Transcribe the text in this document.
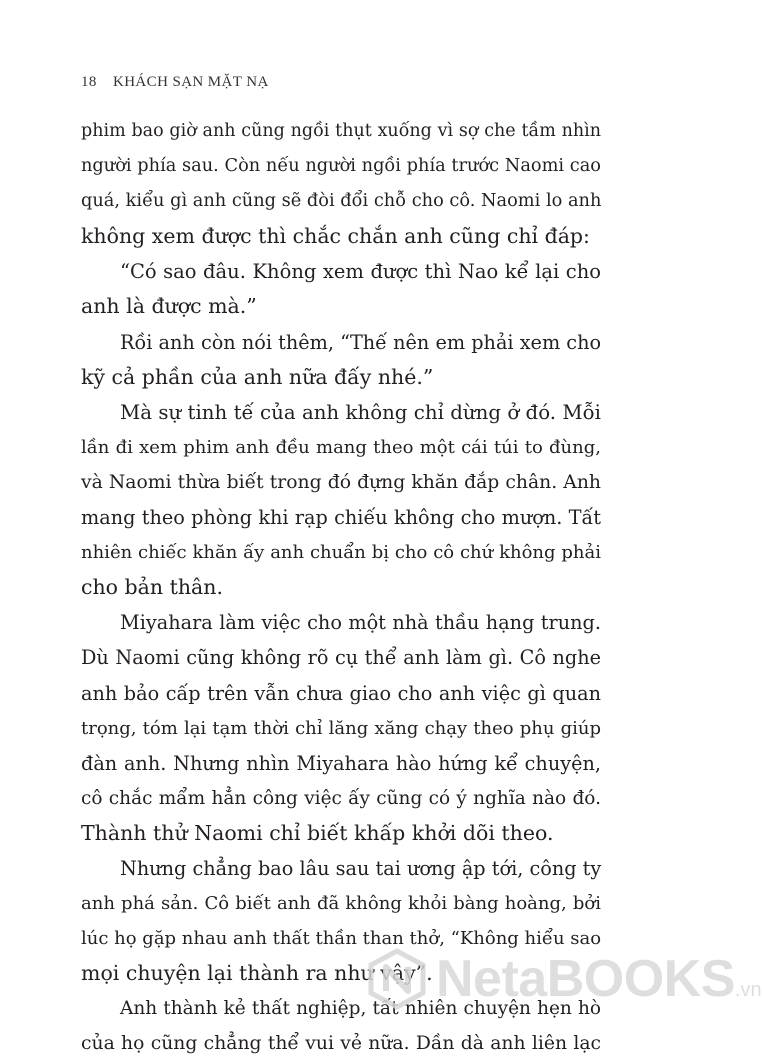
18 KHÁCH SẠN MẶT NẠ
phim bao giờ anh cũng ngồi thụt xuống vì sợ che tầm nhìn
người phía sau. Còn nếu người ngồi phía trước Naomi cao
quá, kiểu gì anh cũng sẽ đòi đổi chỗ cho cô. Naomi lo anh
không xem được thì chắc chắn anh cũng chỉ đáp:
“Có sao đâu. Không xem được thì Nao kể lại cho
anh là được mà.”
Rồi anh còn nói thêm, “Thế nên em phải xem cho
kỹ cả phần của anh nữa đấy nhé.”
Mà sự tinh tế của anh không chỉ dừng ở đó. Mỗi
lần đi xem phim anh đều mang theo một cái túi to đùng,
và Naomi thừa biết trong đó đựng khăn đắp chân. Anh
mang theo phòng khi rạp chiếu không cho mượn. Tất
nhiên chiếc khăn ấy anh chuẩn bị cho cô chứ không phải
cho bản thân.
Miyahara làm việc cho một nhà thầu hạng trung.
Dù Naomi cũng không rõ cụ thể anh làm gì. Cô nghe
anh bảo cấp trên vẫn chưa giao cho anh việc gì quan
trọng, tóm lại tạm thời chỉ lăng xăng chạy theo phụ giúp
đàn anh. Nhưng nhìn Miyahara hào hứng kể chuyện,
cô chắc mẩm hẳn công việc ấy cũng có ý nghĩa nào đó.
Thành thử Naomi chỉ biết khấp khởi dõi theo.
Nhưng chẳng bao lâu sau tai ương ập tới, công ty
anh phá sản. Cô biết anh đã không khỏi bàng hoàng, bởi
lúc họ gặp nhau anh thất thần than thở, “Không hiểu sao
mọi chuyện lại thành ra như vậy”.
Anh thành kẻ thất nghiệp, tất nhiên chuyện hẹn hò
của họ cũng chẳng thể vui vẻ nữa. Dần dà anh liên lạc
NetaBOOKS.vn
